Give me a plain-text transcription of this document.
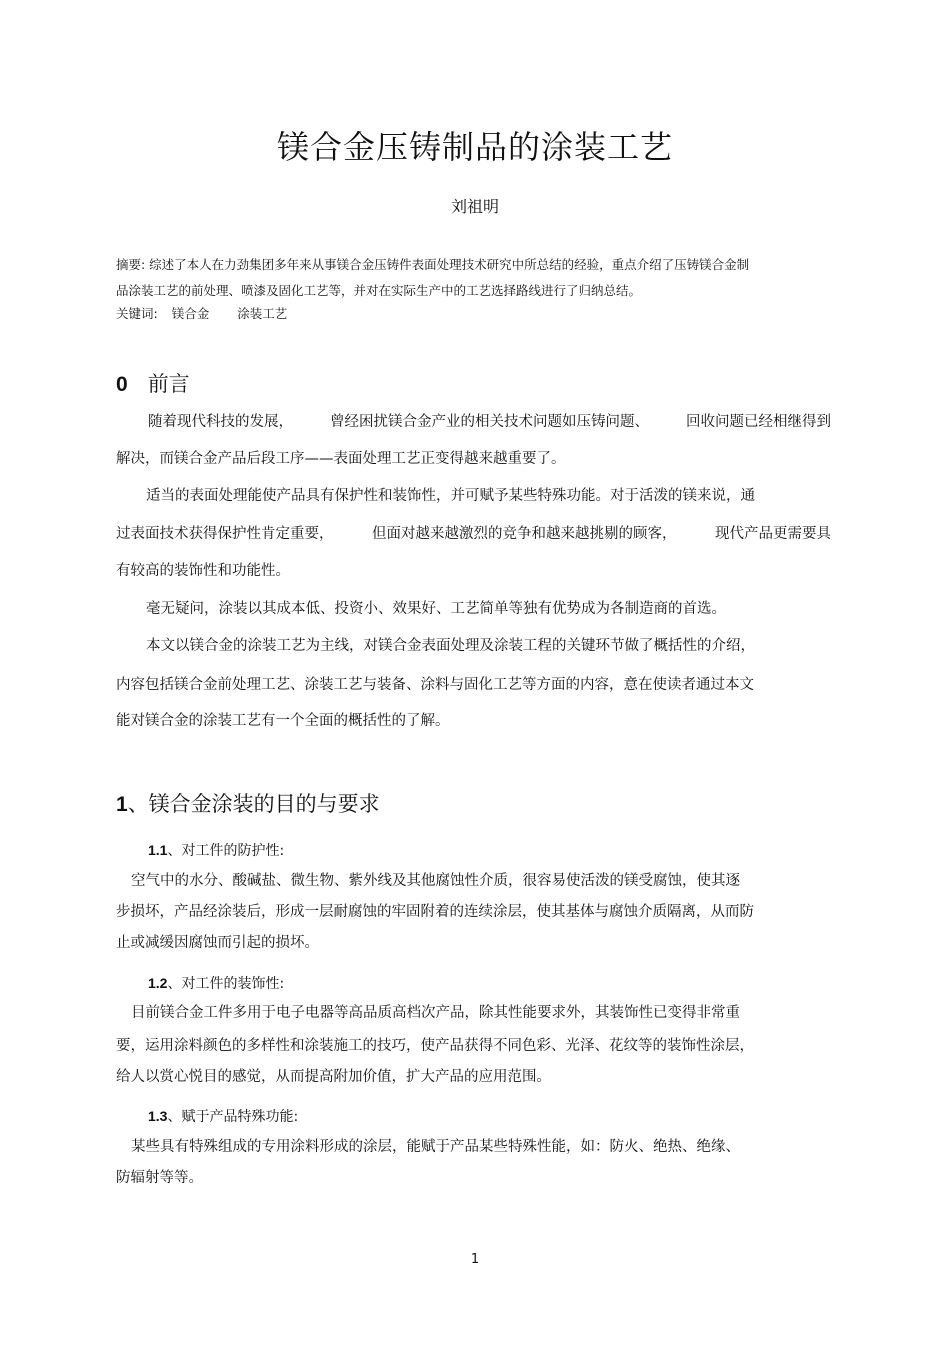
镁合金压铸制品的涂装工艺
刘祖明
摘要: 综述了本人在力劲集团多年来从事镁合金压铸件表面处理技术研究中所总结的经验，重点介绍了压铸镁合金制
品涂装工艺的前处理、喷漆及固化工艺等，并对在实际生产中的工艺选择路线进行了归纳总结。
关键词: 镁合金 涂装工艺
0 前言
随着现代科技的发展，	曾经困扰镁合金产业的相关技术问题如压铸问题、	回收问题已经相继得到
解决，而镁合金产品后段工序——表面处理工艺正变得越来越重要了。
适当的表面处理能使产品具有保护性和装饰性，并可赋予某些特殊功能。对于活泼的镁来说，通
过表面技术获得保护性肯定重要，	但面对越来越激烈的竞争和越来越挑剔的顾客，	现代产品更需要具
有较高的装饰性和功能性。
毫无疑问，涂装以其成本低、投资小、效果好、工艺简单等独有优势成为各制造商的首选。
本文以镁合金的涂装工艺为主线，对镁合金表面处理及涂装工程的关键环节做了概括性的介绍，
内容包括镁合金前处理工艺、涂装工艺与装备、涂料与固化工艺等方面的内容，意在使读者通过本文
能对镁合金的涂装工艺有一个全面的概括性的了解。
1、镁合金涂装的目的与要求
1.1、对工件的防护性:
空气中的水分、酸碱盐、微生物、紫外线及其他腐蚀性介质，很容易使活泼的镁受腐蚀，使其逐
步损坏，产品经涂装后，形成一层耐腐蚀的牢固附着的连续涂层，使其基体与腐蚀介质隔离，从而防
止或减缓因腐蚀而引起的损坏。
1.2、对工件的装饰性:
目前镁合金工件多用于电子电器等高品质高档次产品，除其性能要求外，其装饰性已变得非常重
要，运用涂料颜色的多样性和涂装施工的技巧，使产品获得不同色彩、光泽、花纹等的装饰性涂层，
给人以赏心悦目的感觉，从而提高附加价值，扩大产品的应用范围。
1.3、赋于产品特殊功能:
某些具有特殊组成的专用涂料形成的涂层，能赋于产品某些特殊性能，如：防火、绝热、绝缘、
防辐射等等。
1
